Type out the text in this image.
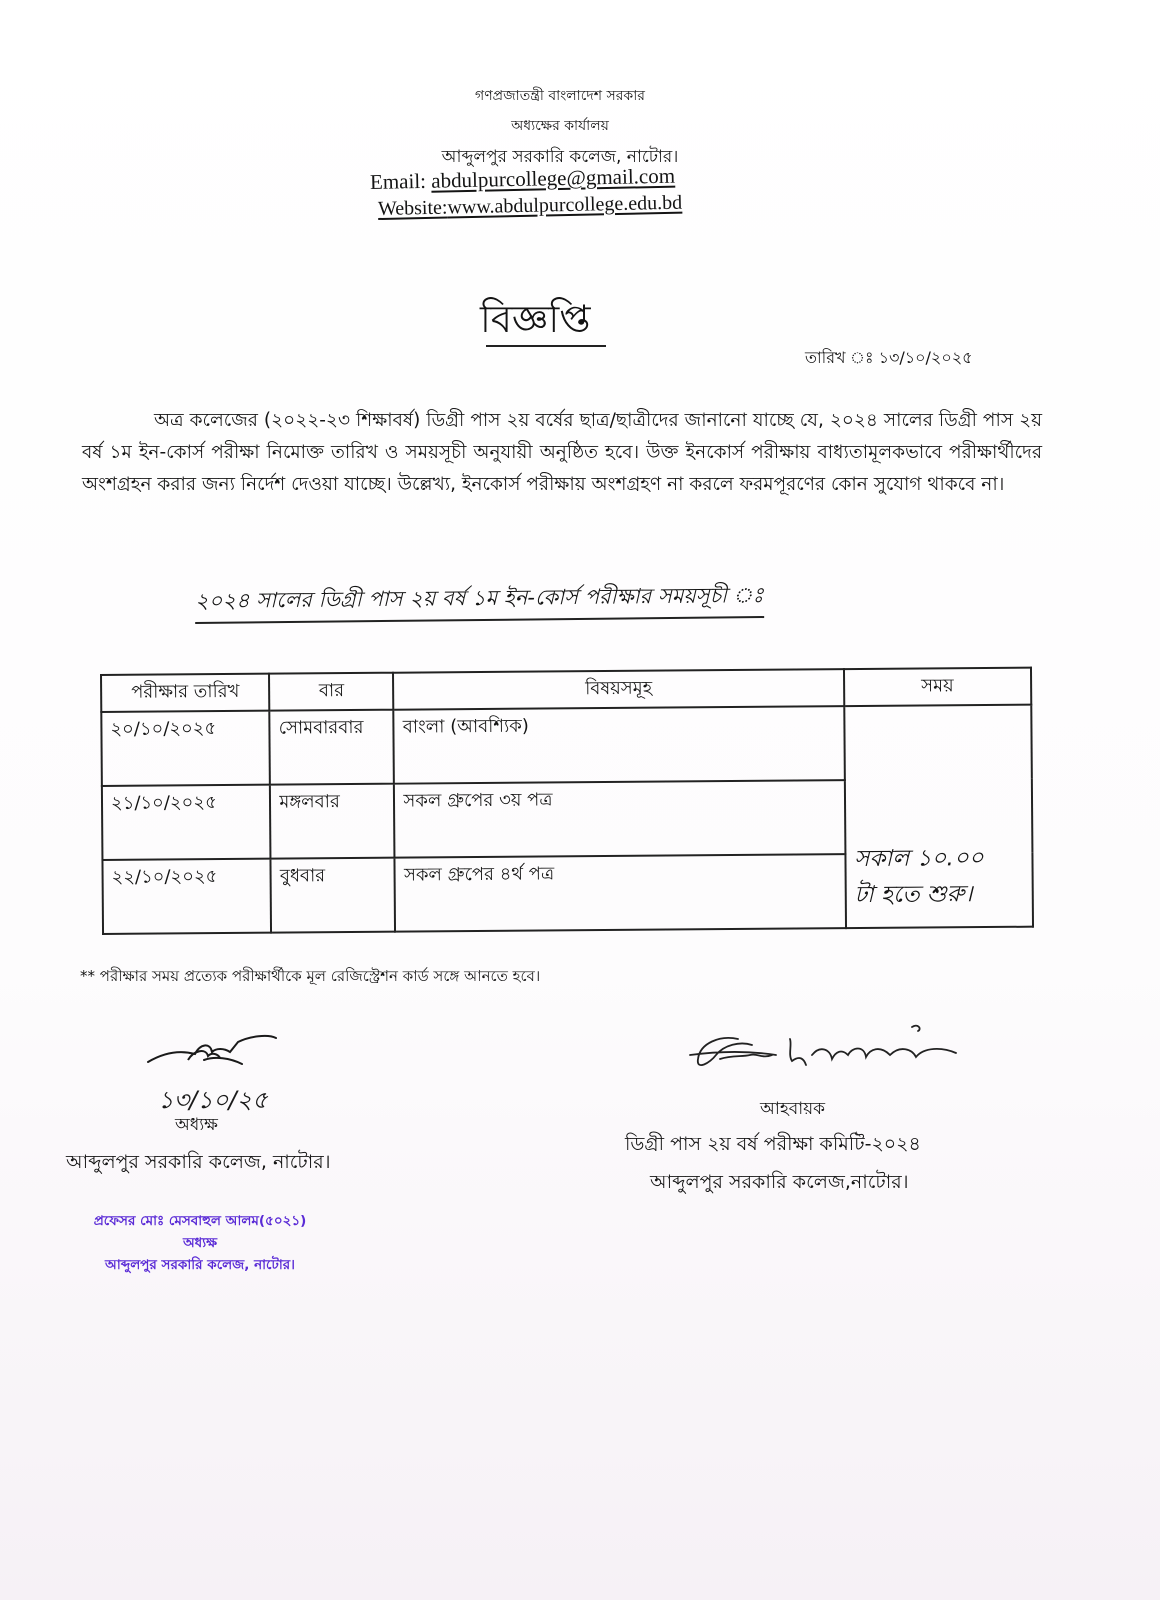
গণপ্রজাতন্ত্রী বাংলাদেশ সরকার
অধ্যক্ষের কার্যালয়
আব্দুলপুর সরকারি কলেজ, নাটোর।
Email: abdulpurcollege@gmail.com
Website:www.abdulpurcollege.edu.bd
বিজ্ঞপ্তি
তারিখ ঃ ১৩/১০/২০২৫
অত্র কলেজের (২০২২-২৩ শিক্ষাবর্ষ) ডিগ্রী পাস ২য় বর্ষের ছাত্র/ছাত্রীদের জানানো যাচ্ছে যে, ২০২৪ সালের ডিগ্রী পাস ২য় বর্ষ ১ম ইন-কোর্স পরীক্ষা নিমোক্ত তারিখ ও সময়সূচী অনুযায়ী অনুষ্ঠিত হবে। উক্ত ইনকোর্স পরীক্ষায় বাধ্যতামূলকভাবে পরীক্ষার্থীদের অংশগ্রহন করার জন্য নির্দেশ দেওয়া যাচ্ছে। উল্লেখ্য, ইনকোর্স পরীক্ষায় অংশগ্রহণ না করলে ফরমপূরণের কোন সুযোগ থাকবে না।
২০২৪ সালের ডিগ্রী পাস ২য় বর্ষ ১ম ইন-কোর্স পরীক্ষার সময়সূচী ঃ
পরীক্ষার তারিখ	বার	বিষয়সমূহ	সময়
২০/১০/২০২৫	সোমবারবার	বাংলা (আবশ্যিক)	সকাল ১০.০০
টা হতে শুরু।

২১/১০/২০২৫	মঙ্গলবার	সকল গ্রুপের ৩য় পত্র	
২২/১০/২০২৫	বুধবার	সকল গ্রুপের ৪র্থ পত্র	
** পরীক্ষার সময় প্রত্যেক পরীক্ষার্থীকে মূল রেজিস্ট্রেশন কার্ড সঙ্গে আনতে হবে।
১৩/১০/২৫
অধ্যক্ষ
আব্দুলপুর সরকারি কলেজ, নাটোর।
প্রফেসর মোঃ মেসবাহুল আলম(৫০২১)
অধ্যক্ষ
আব্দুলপুর সরকারি কলেজ, নাটোর।
আহবায়ক
ডিগ্রী পাস ২য় বর্ষ পরীক্ষা কমিটি-২০২৪
আব্দুলপুর সরকারি কলেজ,নাটোর।
